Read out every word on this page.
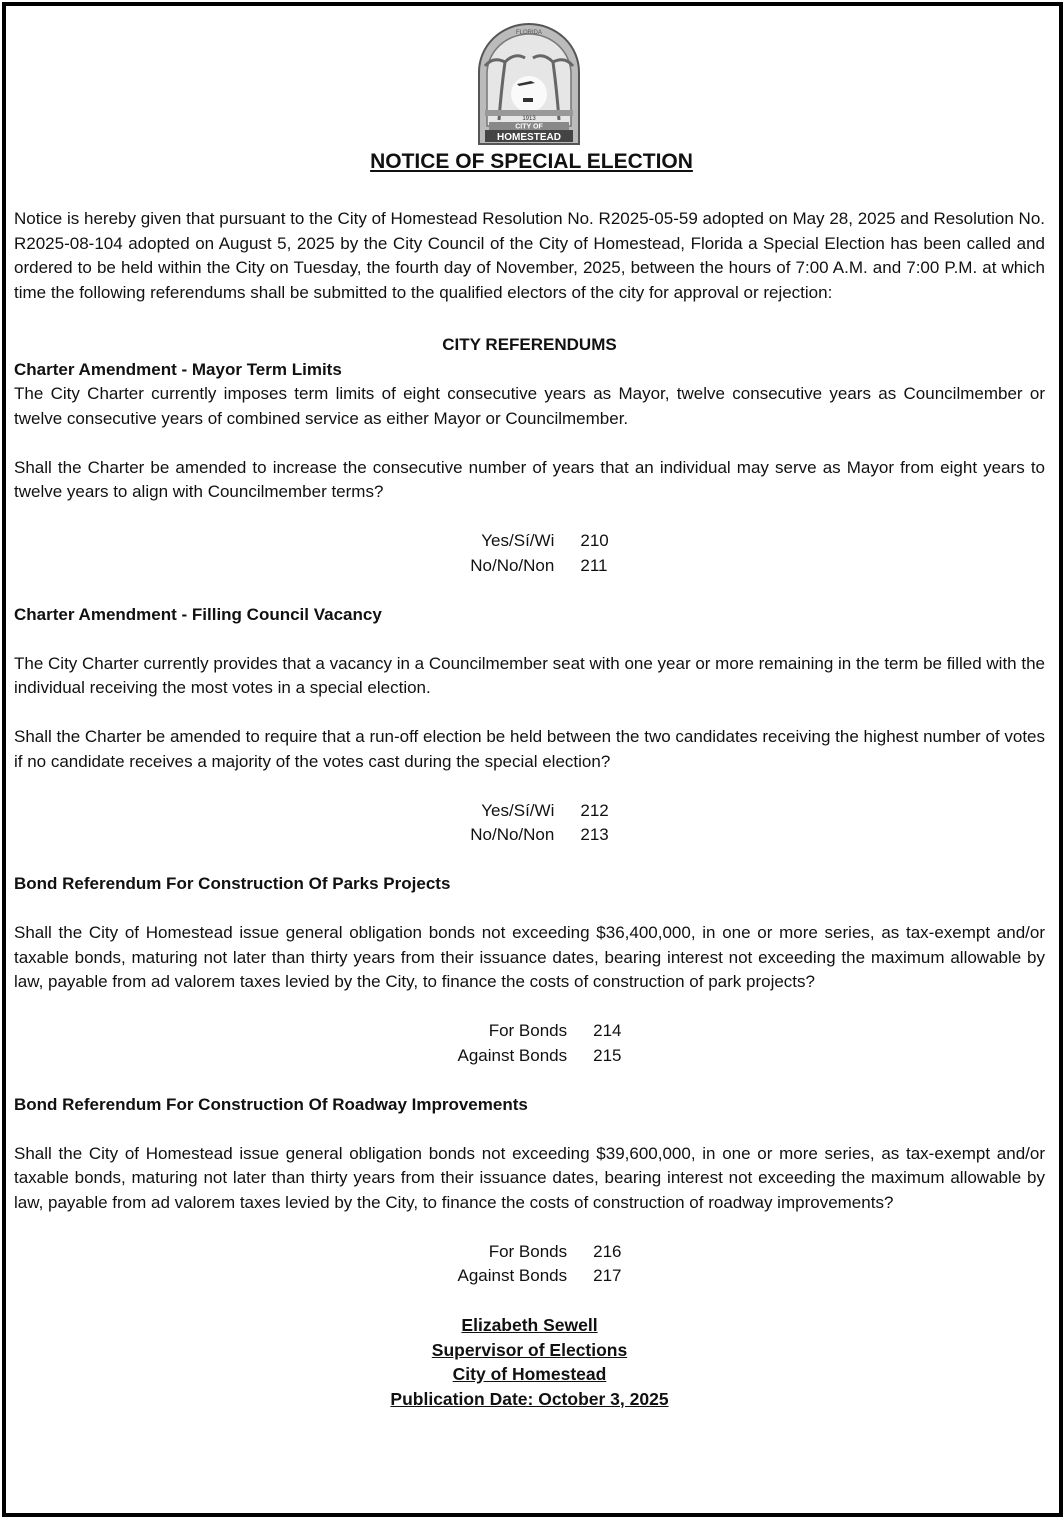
1913
FLORIDA
CITY OF
HOMESTEAD
NOTICE OF SPECIAL ELECTION

Notice is hereby given that pursuant to the City of Homestead Resolution No. R2025-05-59 adopted on May 28, 2025 and Resolution No. R2025-08-104 adopted on August 5, 2025 by the City Council of the City of Homestead, Florida a Special Election has been called and ordered to be held within the City on Tuesday, the fourth day of November, 2025, between the hours of 7:00 A.M. and 7:00 P.M. at which time the following referendums shall be submitted to the qualified electors of the city for approval or rejection:

CITY REFERENDUMS
Charter Amendment - Mayor Term Limits

The City Charter currently imposes term limits of eight consecutive years as Mayor, twelve consecutive years as Councilmember or twelve consecutive years of combined service as either Mayor or Councilmember.

Shall the Charter be amended to increase the consecutive number of years that an individual may serve as Mayor from eight years to twelve years to align with Councilmember terms?

Yes/Sí/Wi 210
No/No/Non 211
Charter Amendment - Filling Council Vacancy

The City Charter currently provides that a vacancy in a Councilmember seat with one year or more remaining in the term be filled with the individual receiving the most votes in a special election.

Shall the Charter be amended to require that a run-off election be held between the two candidates receiving the highest number of votes if no candidate receives a majority of the votes cast during the special election?

Yes/Sí/Wi 212
No/No/Non 213
Bond Referendum For Construction Of Parks Projects

Shall the City of Homestead issue general obligation bonds not exceeding $36,400,000, in one or more series, as tax-exempt and/or taxable bonds, maturing not later than thirty years from their issuance dates, bearing interest not exceeding the maximum allowable by law, payable from ad valorem taxes levied by the City, to finance the costs of construction of park projects?

For Bonds 214
Against Bonds 215
Bond Referendum For Construction Of Roadway Improvements

Shall the City of Homestead issue general obligation bonds not exceeding $39,600,000, in one or more series, as tax-exempt and/or taxable bonds, maturing not later than thirty years from their issuance dates, bearing interest not exceeding the maximum allowable by law, payable from ad valorem taxes levied by the City, to finance the costs of construction of roadway improvements?

For Bonds 216
Against Bonds 217
Elizabeth Sewell
Supervisor of Elections
City of Homestead
Publication Date: October 3, 2025
